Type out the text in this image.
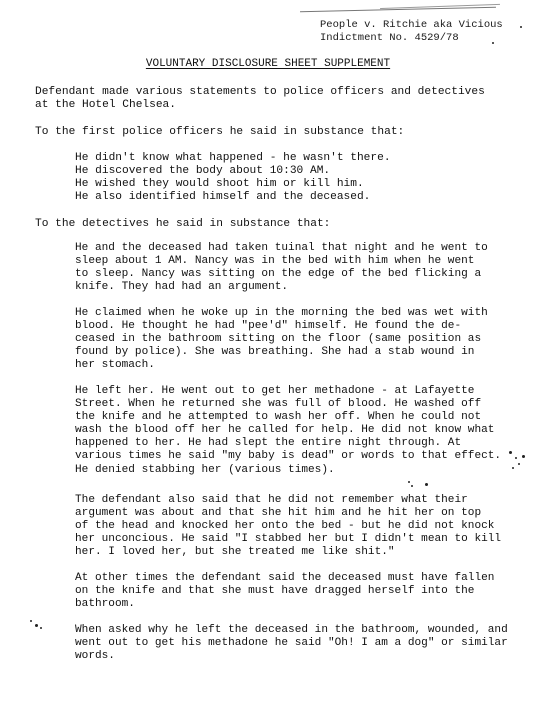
People v. Ritchie aka Vicious
Indictment No. 4529/78
VOLUNTARY DISCLOSURE SHEET SUPPLEMENT
Defendant made various statements to police officers and detectives
at the Hotel Chelsea.
To the first police officers he said in substance that:
He didn't know what happened - he wasn't there.
He discovered the body about 10:30 AM.
He wished they would shoot him or kill him.
He also identified himself and the deceased.
To the detectives he said in substance that:
He and the deceased had taken tuinal that night and he went to
sleep about 1 AM. Nancy was in the bed with him when he went
to sleep. Nancy was sitting on the edge of the bed flicking a
knife. They had had an argument.
He claimed when he woke up in the morning the bed was wet with
blood. He thought he had "pee'd" himself. He found the de-
ceased in the bathroom sitting on the floor (same position as
found by police). She was breathing. She had a stab wound in
her stomach.
He left her. He went out to get her methadone - at Lafayette
Street. When he returned she was full of blood. He washed off
the knife and he attempted to wash her off. When he could not
wash the blood off her he called for help. He did not know what
happened to her. He had slept the entire night through. At
various times he said "my baby is dead" or words to that effect.
He denied stabbing her (various times).
The defendant also said that he did not remember what their
argument was about and that she hit him and he hit her on top
of the head and knocked her onto the bed - but he did not knock
her unconcious. He said "I stabbed her but I didn't mean to kill
her. I loved her, but she treated me like shit."
At other times the defendant said the deceased must have fallen
on the knife and that she must have dragged herself into the
bathroom.
When asked why he left the deceased in the bathroom, wounded, and
went out to get his methadone he said "Oh! I am a dog" or similar
words.
